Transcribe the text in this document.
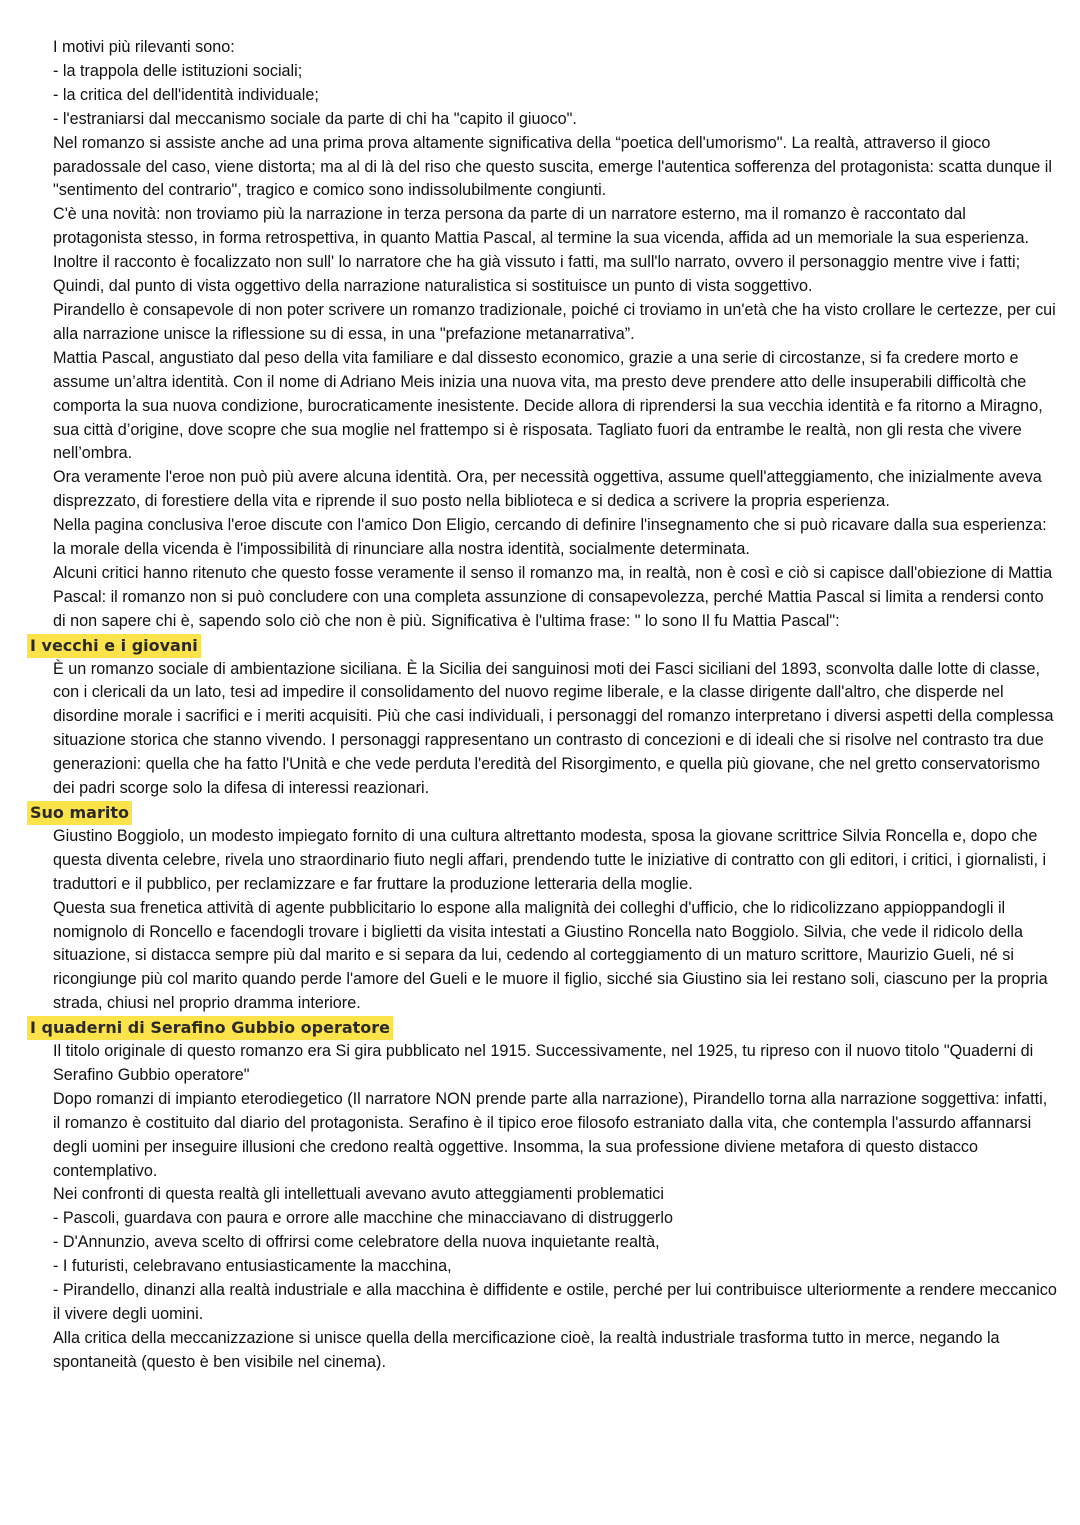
I motivi più rilevanti sono:

- la trappola delle istituzioni sociali;

- la critica del dell'identità individuale;

- l'estraniarsi dal meccanismo sociale da parte di chi ha "capito il giuoco".

Nel romanzo si assiste anche ad una prima prova altamente significativa della “poetica dell'umorismo". La realtà, attraverso il gioco paradossale del caso, viene distorta; ma al di là del riso che questo suscita, emerge l'autentica sofferenza del protagonista: scatta dunque il "sentimento del contrario", tragico e comico sono indissolubilmente congiunti.

C'è una novità: non troviamo più la narrazione in terza persona da parte di un narratore esterno, ma il romanzo è raccontato dal protagonista stesso, in forma retrospettiva, in quanto Mattia Pascal, al termine la sua vicenda, affida ad un memoriale la sua esperienza. Inoltre il racconto è focalizzato non sull' lo narratore che ha già vissuto i fatti, ma sull'lo narrato, ovvero il personaggio mentre vive i fatti; Quindi, dal punto di vista oggettivo della narrazione naturalistica si sostituisce un punto di vista soggettivo.

Pirandello è consapevole di non poter scrivere un romanzo tradizionale, poiché ci troviamo in un'età che ha visto crollare le certezze, per cui alla narrazione unisce la riflessione su di essa, in una "prefazione metanarrativa”.

Mattia Pascal, angustiato dal peso della vita familiare e dal dissesto economico, grazie a una serie di circostanze, si fa credere morto e assume un’altra identità. Con il nome di Adriano Meis inizia una nuova vita, ma presto deve prendere atto delle insuperabili difficoltà che comporta la sua nuova condizione, burocraticamente inesistente. Decide allora di riprendersi la sua vecchia identità e fa ritorno a Miragno, sua città d’origine, dove scopre che sua moglie nel frattempo si è risposata. Tagliato fuori da entrambe le realtà, non gli resta che vivere nell’ombra.

Ora veramente l'eroe non può più avere alcuna identità. Ora, per necessità oggettiva, assume quell'atteggiamento, che inizialmente aveva disprezzato, di forestiere della vita e riprende il suo posto nella biblioteca e si dedica a scrivere la propria esperienza.

Nella pagina conclusiva l'eroe discute con l'amico Don Eligio, cercando di definire l'insegnamento che si può ricavare dalla sua esperienza: la morale della vicenda è l'impossibilità di rinunciare alla nostra identità, socialmente determinata.

Alcuni critici hanno ritenuto che questo fosse veramente il senso il romanzo ma, in realtà, non è così e ciò si capisce dall'obiezione di Mattia Pascal: il romanzo non si può concludere con una completa assunzione di consapevolezza, perché Mattia Pascal si limita a rendersi conto di non sapere chi è, sapendo solo ciò che non è più. Significativa è l'ultima frase: " lo sono Il fu Mattia Pascal":

I vecchi e i giovani

È un romanzo sociale di ambientazione siciliana. È la Sicilia dei sanguinosi moti dei Fasci siciliani del 1893, sconvolta dalle lotte di classe, con i clericali da un lato, tesi ad impedire il consolidamento del nuovo regime liberale, e la classe dirigente dall'altro, che disperde nel disordine morale i sacrifici e i meriti acquisiti. Più che casi individuali, i personaggi del romanzo interpretano i diversi aspetti della complessa situazione storica che stanno vivendo. I personaggi rappresentano un contrasto di concezioni e di ideali che si risolve nel contrasto tra due generazioni: quella che ha fatto l'Unità e che vede perduta l'eredità del Risorgimento, e quella più giovane, che nel gretto conservatorismo dei padri scorge solo la difesa di interessi reazionari.

Suo marito

Giustino Boggiolo, un modesto impiegato fornito di una cultura altrettanto modesta, sposa la giovane scrittrice Silvia Roncella e, dopo che questa diventa celebre, rivela uno straordinario fiuto negli affari, prendendo tutte le iniziative di contratto con gli editori, i critici, i giornalisti, i traduttori e il pubblico, per reclamizzare e far fruttare la produzione letteraria della moglie.

Questa sua frenetica attività di agente pubblicitario lo espone alla malignità dei colleghi d'ufficio, che lo ridicolizzano appioppandogli il nomignolo di Roncello e facendogli trovare i biglietti da visita intestati a Giustino Roncella nato Boggiolo. Silvia, che vede il ridicolo della situazione, si distacca sempre più dal marito e si separa da lui, cedendo al corteggiamento di un maturo scrittore, Maurizio Gueli, né si ricongiunge più col marito quando perde l'amore del Gueli e le muore il figlio, sicché sia Giustino sia lei restano soli, ciascuno per la propria strada, chiusi nel proprio dramma interiore.

I quaderni di Serafino Gubbio operatore

Il titolo originale di questo romanzo era Si gira pubblicato nel 1915. Successivamente, nel 1925, tu ripreso con il nuovo titolo "Quaderni di Serafino Gubbio operatore"

Dopo romanzi di impianto eterodiegetico (Il narratore NON prende parte alla narrazione), Pirandello torna alla narrazione soggettiva: infatti, il romanzo è costituito dal diario del protagonista. Serafino è il tipico eroe filosofo estraniato dalla vita, che contempla l'assurdo affannarsi degli uomini per inseguire illusioni che credono realtà oggettive. Insomma, la sua professione diviene metafora di questo distacco contemplativo.

Nei confronti di questa realtà gli intellettuali avevano avuto atteggiamenti problematici

- Pascoli, guardava con paura e orrore alle macchine che minacciavano di distruggerlo

- D'Annunzio, aveva scelto di offrirsi come celebratore della nuova inquietante realtà,

- I futuristi, celebravano entusiasticamente la macchina,

- Pirandello, dinanzi alla realtà industriale e alla macchina è diffidente e ostile, perché per lui contribuisce ulteriormente a rendere meccanico il vivere degli uomini.

Alla critica della meccanizzazione si unisce quella della mercificazione cioè, la realtà industriale trasforma tutto in merce, negando la spontaneità (questo è ben visibile nel cinema).
